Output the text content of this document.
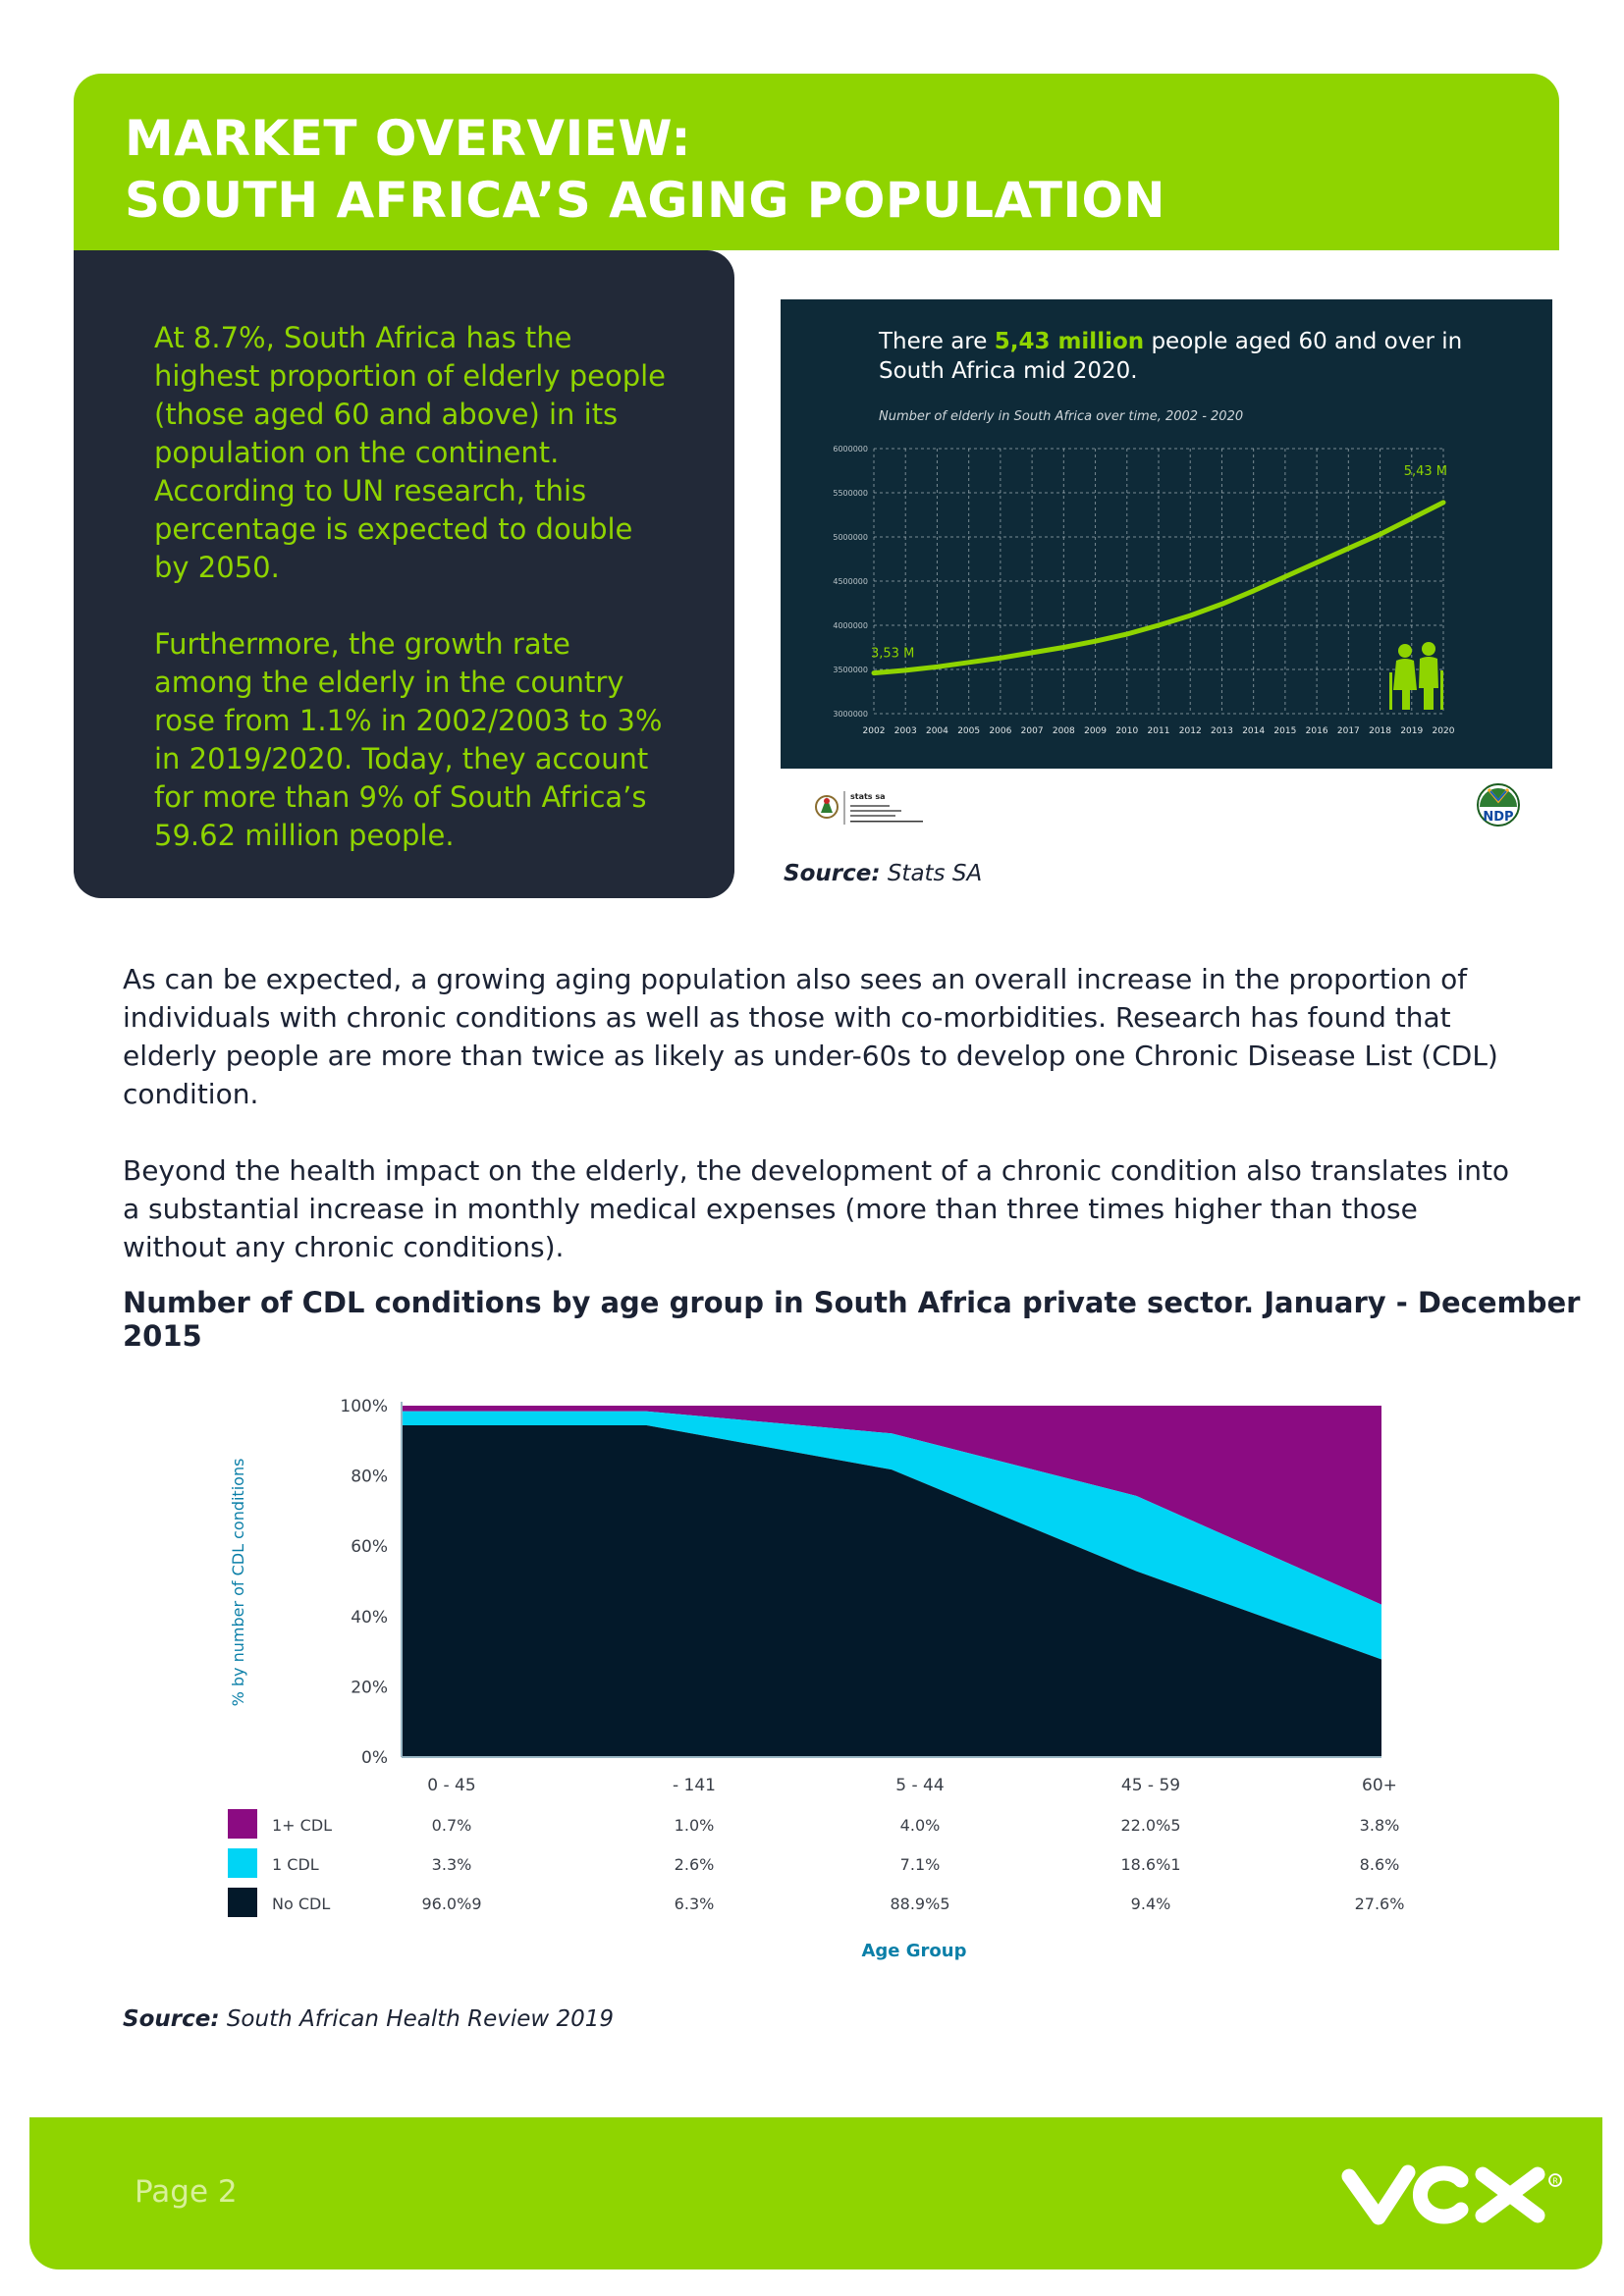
MARKET OVERVIEW:
SOUTH AFRICA’S AGING POPULATION

At 8.7%, South Africa has the highest proportion of elderly people (those aged 60 and above) in its population on the continent. According to UN research, this percentage is expected to double by 2050.

Furthermore, the growth rate among the elderly in the country rose from 1.1% in 2002/2003 to 3% in 2019/2020. Today, they account for more than 9% of South Africa’s 59.62 million people.

3000000
3500000
4000000
4500000
5000000
5500000
6000000
2002 2003 2004 2005 2006 2007 2008 2009 2010 2011 2012 2013 2014 2015 2016 2017 2018 2019 2020
3,53 M
5,43 M
There are 5,43 million people aged 60 and over in South Africa mid 2020.
Number of elderly in South Africa over time, 2002 - 2020
stats sa
NDP
Source: Stats SA

As can be expected, a growing aging population also sees an overall increase in the proportion of individuals with chronic conditions as well as those with co-morbidities. Research has found that elderly people are more than twice as likely as under-60s to develop one Chronic Disease List (CDL) condition.

Beyond the health impact on the elderly, the development of a chronic condition also translates into a substantial increase in monthly medical expenses (more than three times higher than those without any chronic conditions).

Number of CDL conditions by age group in South Africa private sector. January - December 2015
0%
20%
40%
60%
80%
100%
% by number of CDL conditions
0 - 45	- 141	5 - 44	45 - 59	60+
1+ CDL	0.7%	1.0%	4.0%	22.0%5	3.8%
1 CDL	3.3%	2.6%	7.1%	18.6%1	8.6%
No CDL	96.0%9	6.3%	88.9%5	9.4%	27.6%
Age Group
Source: South African Health Review 2019
Page 2	R
